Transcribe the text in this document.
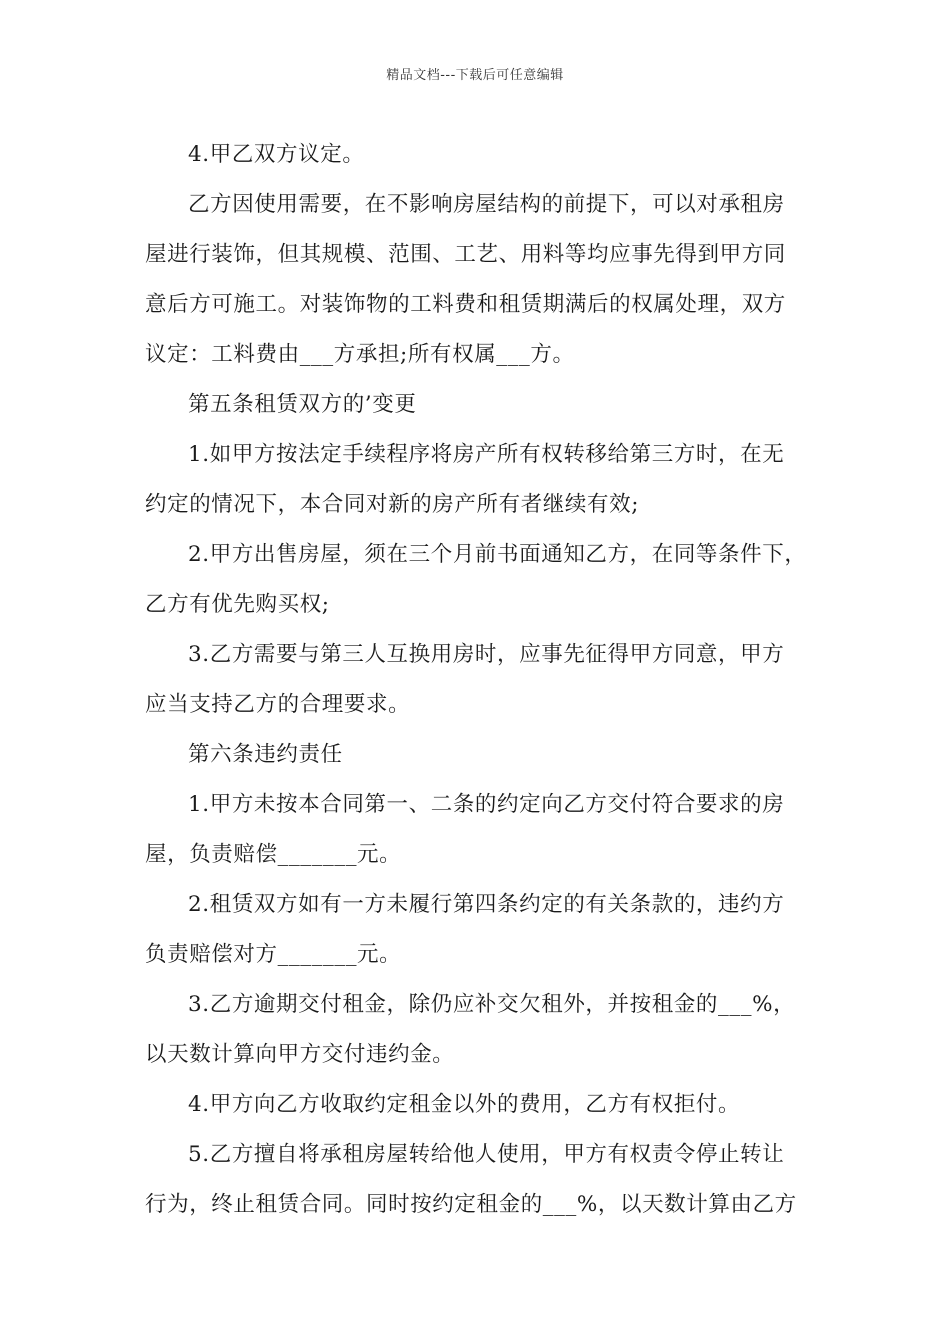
精品文档---下载后可任意编辑
4.甲乙双方议定。
乙方因使用需要，在不影响房屋结构的前提下，可以对承租房
屋进行装饰，但其规模、范围、工艺、用料等均应事先得到甲方同
意后方可施工。对装饰物的工料费和租赁期满后的权属处理，双方
议定：工料费由___方承担;所有权属___方。
第五条租赁双方的’变更
1.如甲方按法定手续程序将房产所有权转移给第三方时，在无
约定的情况下，本合同对新的房产所有者继续有效;
2.甲方出售房屋，须在三个月前书面通知乙方，在同等条件下，
乙方有优先购买权;
3.乙方需要与第三人互换用房时，应事先征得甲方同意，甲方
应当支持乙方的合理要求。
第六条违约责任
1.甲方未按本合同第一、二条的约定向乙方交付符合要求的房
屋，负责赔偿_______元。
2.租赁双方如有一方未履行第四条约定的有关条款的，违约方
负责赔偿对方_______元。
3.乙方逾期交付租金，除仍应补交欠租外，并按租金的___%，
以天数计算向甲方交付违约金。
4.甲方向乙方收取约定租金以外的费用，乙方有权拒付。
5.乙方擅自将承租房屋转给他人使用，甲方有权责令停止转让
行为，终止租赁合同。同时按约定租金的___%，以天数计算由乙方
